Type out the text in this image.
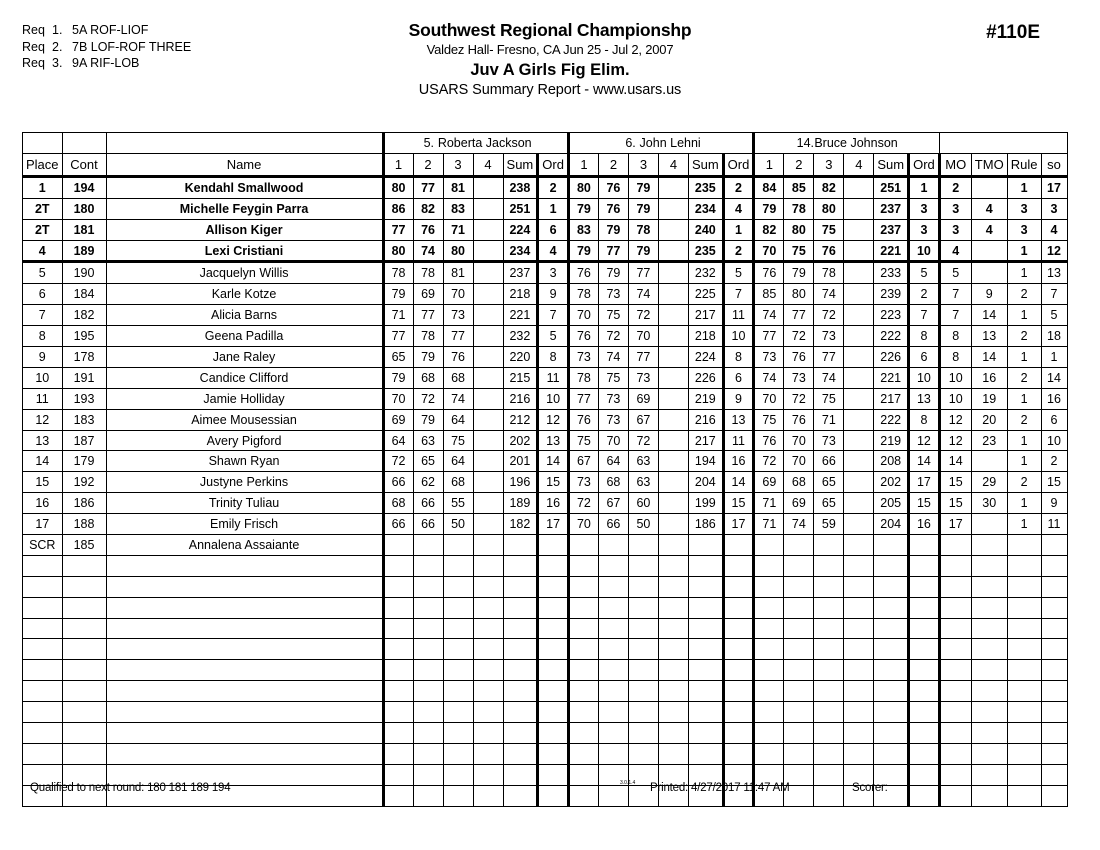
Req 1. 5A ROF-LIOF
Req 2. 7B LOF-ROF THREE
Req 3. 9A RIF-LOB
Southwest Regional Championshp
Valdez Hall- Fresno, CA Jun 25 - Jul 2, 2007
Juv A Girls Fig Elim.
USARS Summary Report - www.usars.us
#110E
			5. Roberta Jackson						6. John Lehni						14.Bruce Johnson									
Place	Cont	Name	1	2	3	4	Sum	Ord	1	2	3	4	Sum	Ord	1	2	3	4	Sum	Ord	MO	TMO	Rule	so
1	194	Kendahl Smallwood	80	77	81		238	2	80	76	79		235	2	84	85	82		251	1	2		1	17
2T	180	Michelle Feygin Parra	86	82	83		251	1	79	76	79		234	4	79	78	80		237	3	3	4	3	3
2T	181	Allison Kiger	77	76	71		224	6	83	79	78		240	1	82	80	75		237	3	3	4	3	4
4	189	Lexi Cristiani	80	74	80		234	4	79	77	79		235	2	70	75	76		221	10	4		1	12
5	190	Jacquelyn Willis	78	78	81		237	3	76	79	77		232	5	76	79	78		233	5	5		1	13
6	184	Karle Kotze	79	69	70		218	9	78	73	74		225	7	85	80	74		239	2	7	9	2	7
7	182	Alicia Barns	71	77	73		221	7	70	75	72		217	11	74	77	72		223	7	7	14	1	5
8	195	Geena Padilla	77	78	77		232	5	76	72	70		218	10	77	72	73		222	8	8	13	2	18
9	178	Jane Raley	65	79	76		220	8	73	74	77		224	8	73	76	77		226	6	8	14	1	1
10	191	Candice Clifford	79	68	68		215	11	78	75	73		226	6	74	73	74		221	10	10	16	2	14
11	193	Jamie Holliday	70	72	74		216	10	77	73	69		219	9	70	72	75		217	13	10	19	1	16
12	183	Aimee Mousessian	69	79	64		212	12	76	73	67		216	13	75	76	71		222	8	12	20	2	6
13	187	Avery Pigford	64	63	75		202	13	75	70	72		217	11	76	70	73		219	12	12	23	1	10
14	179	Shawn Ryan	72	65	64		201	14	67	64	63		194	16	72	70	66		208	14	14		1	2
15	192	Justyne Perkins	66	62	68		196	15	73	68	63		204	14	69	68	65		202	17	15	29	2	15
16	186	Trinity Tuliau	68	66	55		189	16	72	67	60		199	15	71	69	65		205	15	15	30	1	9
17	188	Emily Frisch	66	66	50		182	17	70	66	50		186	17	71	74	59		204	16	17		1	11
SCR	185	Annalena Assaiante																						

Qualified to next round: 180 181 189 194	3.0.1.4 Printed: 4/27/2017 11:47 AM	Scorer:
